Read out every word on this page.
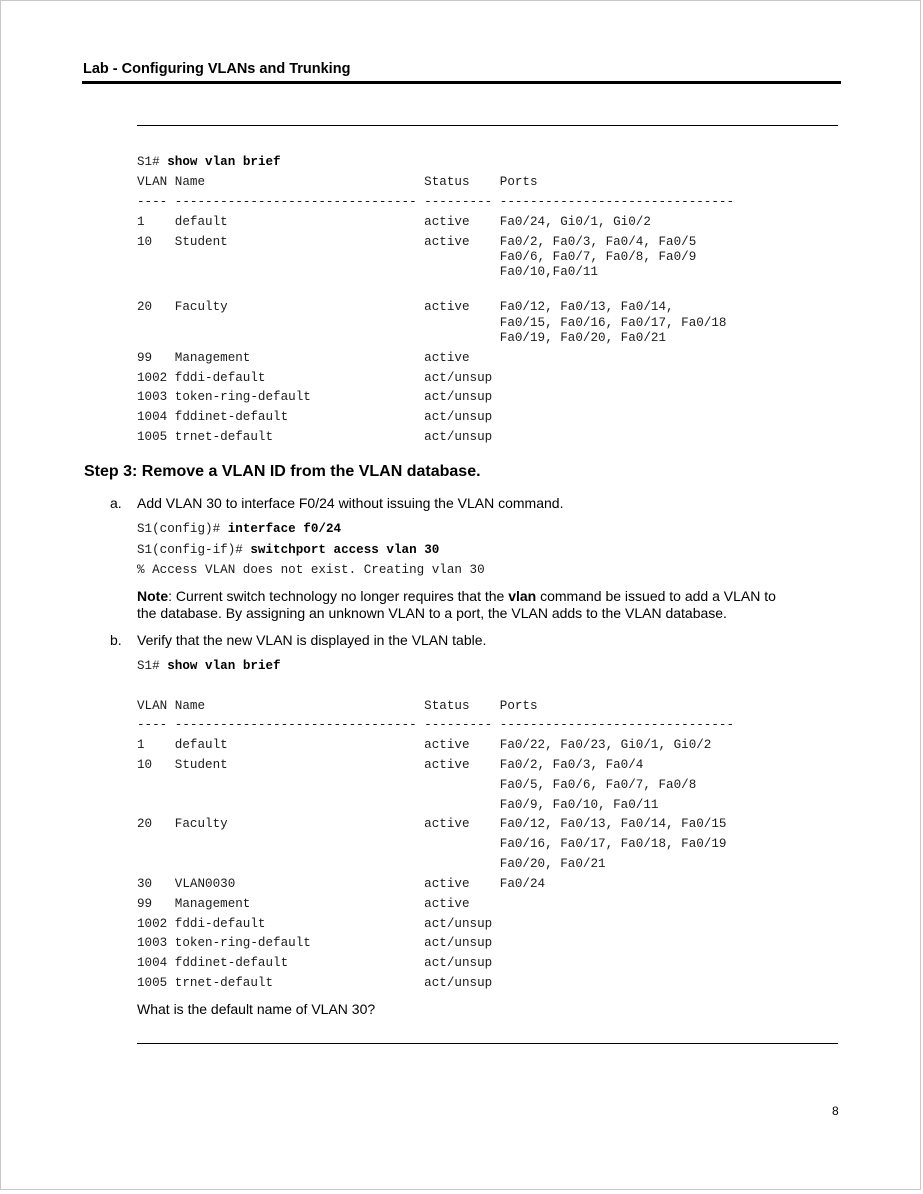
Lab - Configuring VLANs and Trunking
S1# show vlan brief
VLAN Name                             Status    Ports
---- -------------------------------- --------- -------------------------------
1    default                          active    Fa0/24, Gi0/1, Gi0/2
10   Student                          active    Fa0/2, Fa0/3, Fa0/4, Fa0/5
Fa0/6, Fa0/7, Fa0/8, Fa0/9
Fa0/10,Fa0/11
20   Faculty                          active    Fa0/12, Fa0/13, Fa0/14,
Fa0/15, Fa0/16, Fa0/17, Fa0/18
Fa0/19, Fa0/20, Fa0/21
99   Management                       active
1002 fddi-default                     act/unsup
1003 token-ring-default               act/unsup
1004 fddinet-default                  act/unsup
1005 trnet-default                    act/unsup
Step 3: Remove a VLAN ID from the VLAN database.
a. Add VLAN 30 to interface F0/24 without issuing the VLAN command.
S1(config)# interface f0/24
S1(config-if)# switchport access vlan 30
% Access VLAN does not exist. Creating vlan 30
Note: Current switch technology no longer requires that the vlan command be issued to add a VLAN to
the database. By assigning an unknown VLAN to a port, the VLAN adds to the VLAN database.
b. Verify that the new VLAN is displayed in the VLAN table.
S1# show vlan brief
VLAN Name                             Status    Ports
---- -------------------------------- --------- -------------------------------
1    default                          active    Fa0/22, Fa0/23, Gi0/1, Gi0/2
10   Student                          active    Fa0/2, Fa0/3, Fa0/4
Fa0/5, Fa0/6, Fa0/7, Fa0/8
Fa0/9, Fa0/10, Fa0/11
20   Faculty                          active    Fa0/12, Fa0/13, Fa0/14, Fa0/15
Fa0/16, Fa0/17, Fa0/18, Fa0/19
Fa0/20, Fa0/21
30   VLAN0030                         active    Fa0/24
99   Management                       active
1002 fddi-default                     act/unsup
1003 token-ring-default               act/unsup
1004 fddinet-default                  act/unsup
1005 trnet-default                    act/unsup
What is the default name of VLAN 30?
8
